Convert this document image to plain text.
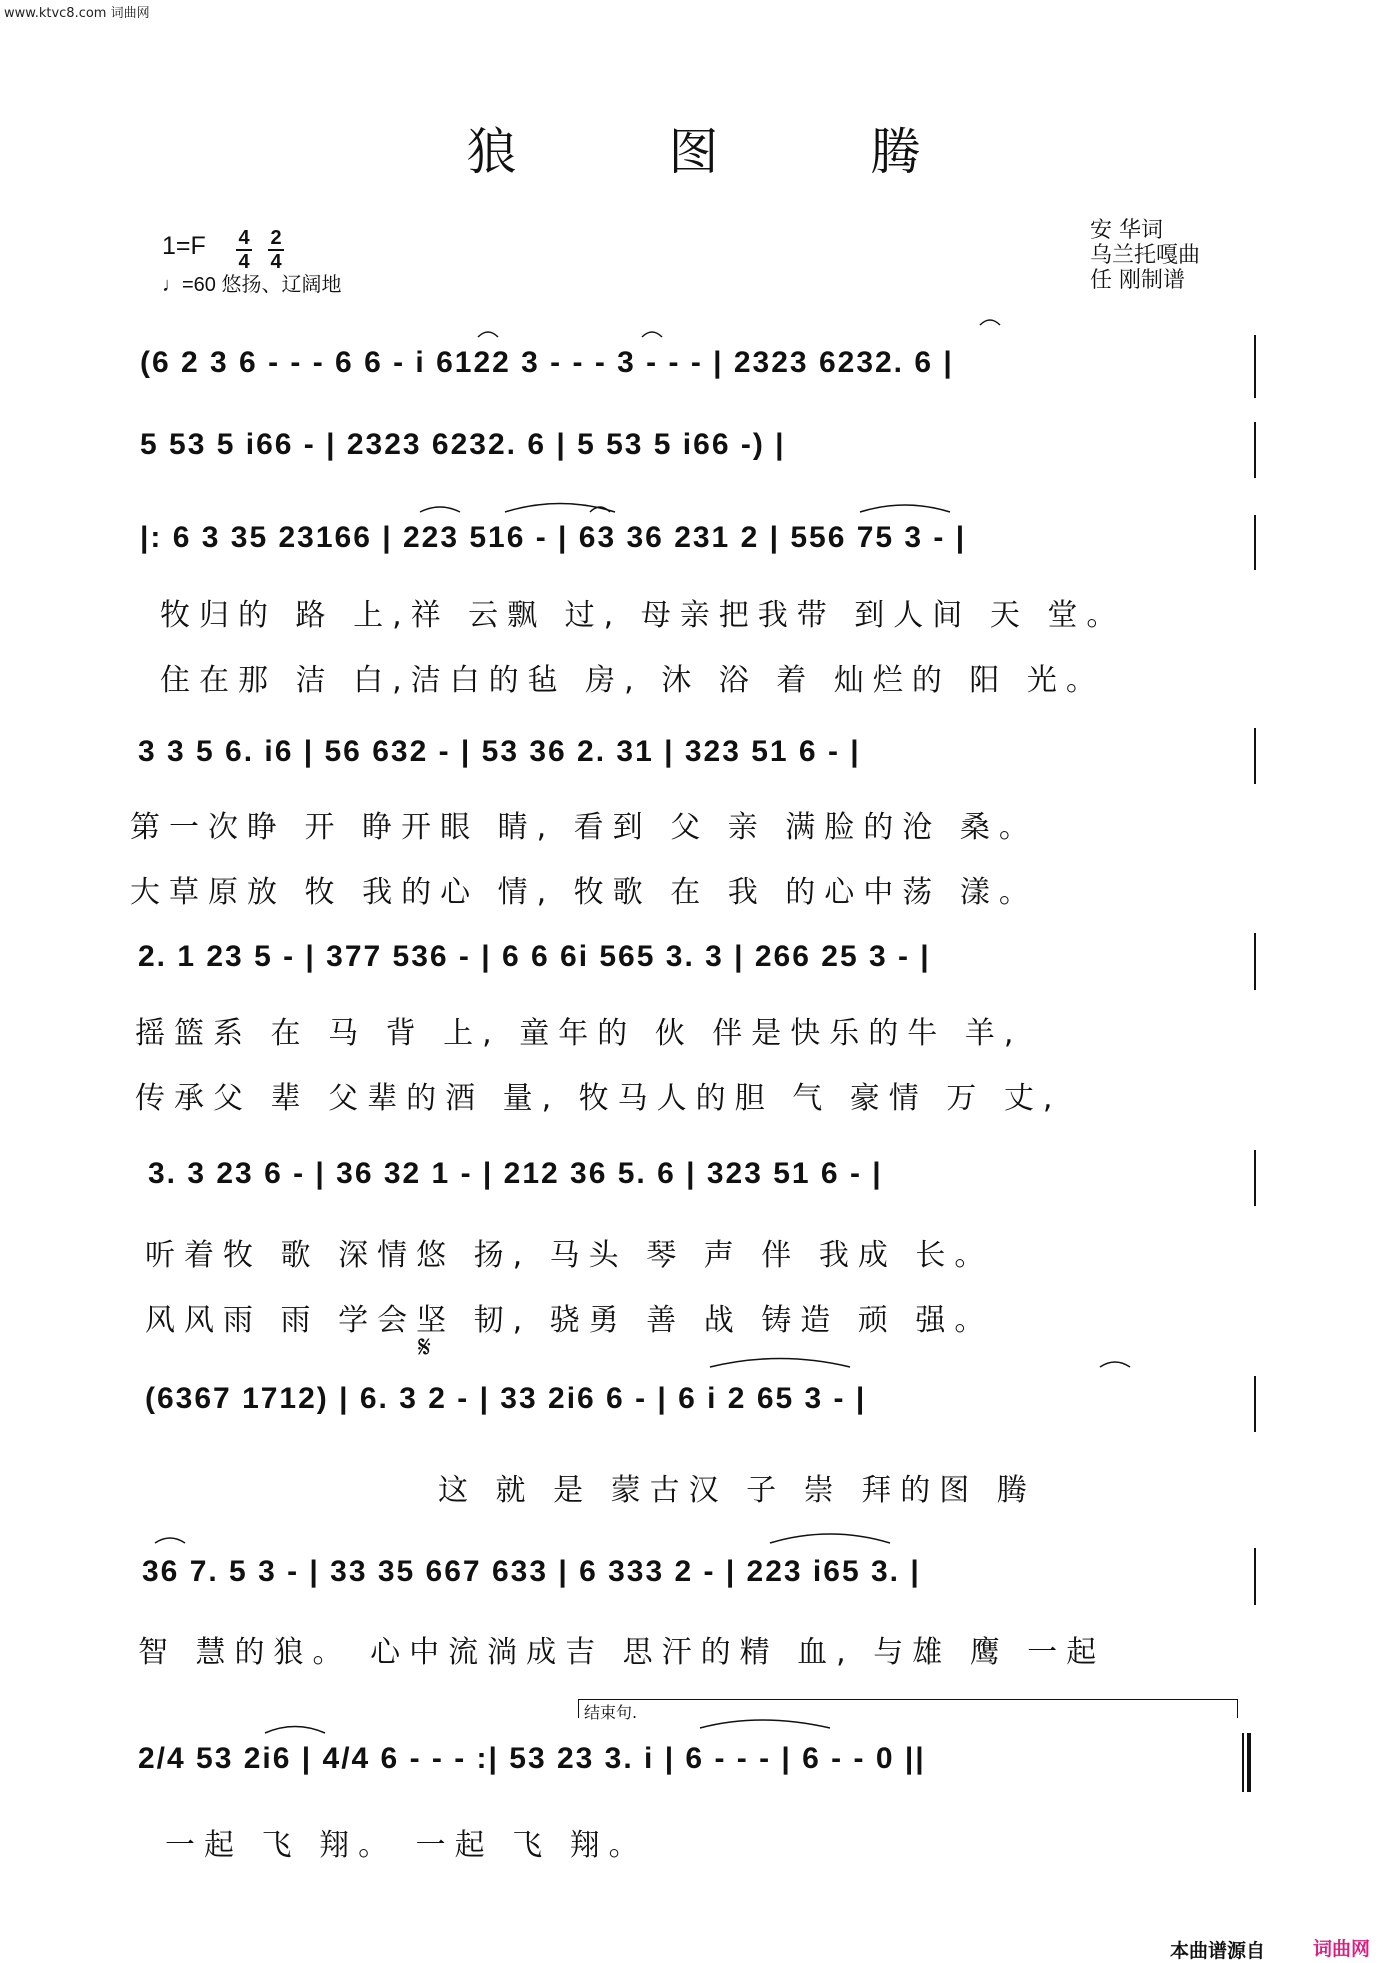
www.ktvc8.com 词曲网
狼 图 腾
1=F 4
4
2
4
♩=60 悠扬、辽阔地
安 华词
乌兰托嘎曲
任 刚制谱
(6 2 3 6 - - - 6 6 - i 6122 3 - - - 3 - - - | 2323 6232. 6 |
5 53 5 i66 - | 2323 6232. 6 | 5 53 5 i66 -) |
|: 6 3 35 23166 | 223 516 - | 63 36 231 2 | 556 75 3 - |
牧归的 路 上,祥 云飘 过, 母亲把我带 到人间 天 堂。
住在那 洁 白,洁白的毡 房, 沐 浴 着 灿烂的 阳 光。
3 3 5 6. i6 | 56 632 - | 53 36 2. 31 | 323 51 6 - |
第一次睁 开 睁开眼 睛, 看到 父 亲 满脸的沧 桑。
大草原放 牧 我的心 情, 牧歌 在 我 的心中荡 漾。
2. 1 23 5 - | 377 536 - | 6 6 6i 565 3. 3 | 266 25 3 - |
摇篮系 在 马 背 上, 童年的 伙 伴是快乐的牛 羊,
传承父 辈 父辈的酒 量, 牧马人的胆 气 豪情 万 丈,
3. 3 23 6 - | 36 32 1 - | 212 36 5. 6 | 323 51 6 - |
听着牧 歌 深情悠 扬, 马头 琴 声 伴 我成 长。
风风雨 雨 学会坚 韧, 骁勇 善 战 铸造 顽 强。
𝄋
(6367 1712) | 6. 3 2 - | 33 2i6 6 - | 6 i 2 65 3 - |
这 就 是 蒙古汉 子 崇 拜的图 腾
36 7. 5 3 - | 33 35 667 633 | 6 333 2 - | 223 i65 3. |
智 慧的狼。 心中流淌成吉 思汗的精 血, 与雄 鹰 一起
结束句.
2/4 53 2i6 | 4/4 6 - - - :| 53 23 3. i | 6 - - - | 6 - - 0 ||
一起 飞 翔。 一起 飞 翔。
本曲谱源自	词曲网
